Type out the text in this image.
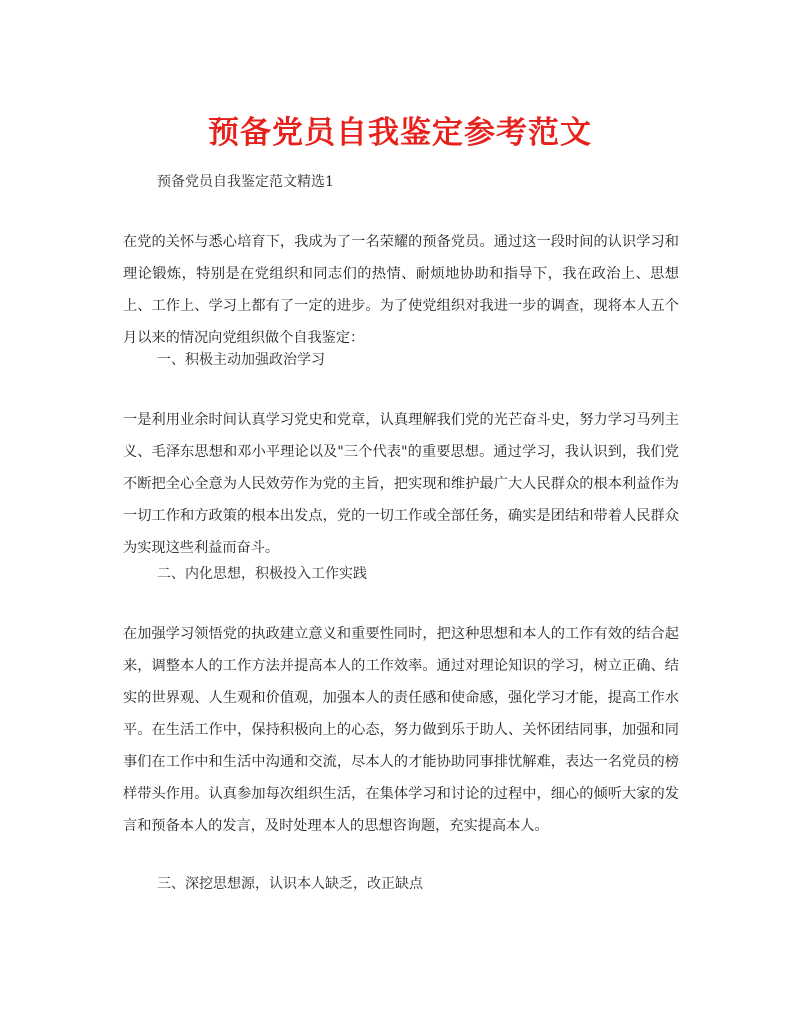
预备党员自我鉴定参考范文
预备党员自我鉴定范文精选1

在党的关怀与悉心培育下，我成为了一名荣耀的预备党员。通过这一段时间的认识学习和理论锻炼，特别是在党组织和同志们的热情、耐烦地协助和指导下，我在政治上、思想上、工作上、学习上都有了一定的进步。为了使党组织对我进一步的调查，现将本人五个月以来的情况向党组织做个自我鉴定：

一、积极主动加强政治学习

一是利用业余时间认真学习党史和党章，认真理解我们党的光芒奋斗史，努力学习马列主义、毛泽东思想和邓小平理论以及"三个代表"的重要思想。通过学习，我认识到，我们党不断把全心全意为人民效劳作为党的主旨，把实现和维护最广大人民群众的根本利益作为一切工作和方政策的根本出发点，党的一切工作或全部任务，确实是团结和带着人民群众为实现这些利益而奋斗。

二、内化思想，积极投入工作实践

在加强学习领悟党的执政建立意义和重要性同时，把这种思想和本人的工作有效的结合起来，调整本人的工作方法并提高本人的工作效率。通过对理论知识的学习，树立正确、结实的世界观、人生观和价值观，加强本人的责任感和使命感，强化学习才能，提高工作水平。在生活工作中，保持积极向上的心态，努力做到乐于助人、关怀团结同事，加强和同事们在工作中和生活中沟通和交流，尽本人的才能协助同事排忧解难，表达一名党员的榜样带头作用。认真参加每次组织生活，在集体学习和讨论的过程中，细心的倾听大家的发言和预备本人的发言，及时处理本人的思想咨询题，充实提高本人。

三、深挖思想源，认识本人缺乏，改正缺点
